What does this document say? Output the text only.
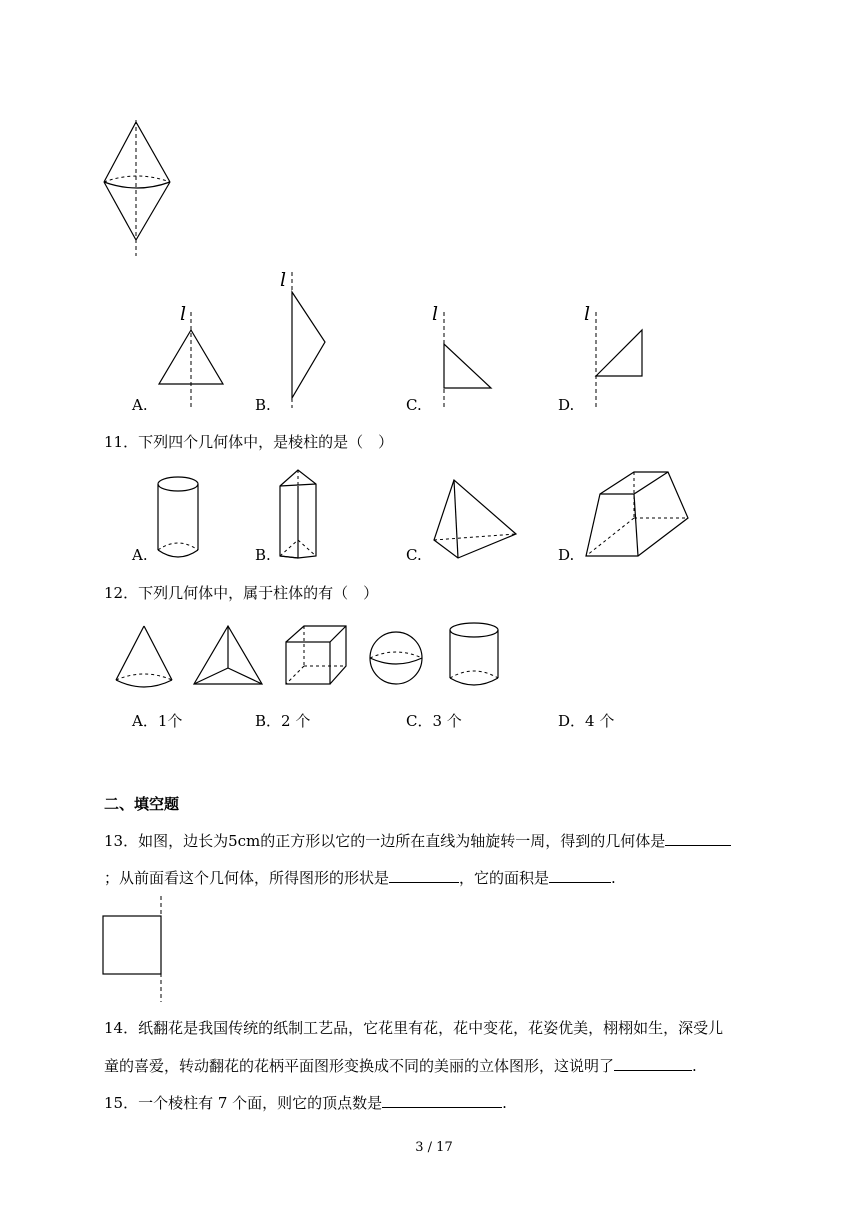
l
A.
l
B.
l
C.
l
D.
11．下列四个几何体中，是棱柱的是（　）
A.	B.	C.	D.
12．下列几何体中，属于柱体的有（　）
A．1个	B．2 个	C．3 个	D．4 个
二、填空题
13．如图，边长为5cm的正方形以它的一边所在直线为轴旋转一周，得到的几何体是
；从前面看这个几何体，所得图形的形状是	，它的面积是	.
14．纸翻花是我国传统的纸制工艺品，它花里有花，花中变花，花姿优美，栩栩如生，深受儿
童的喜爱，转动翻花的花柄平面图形变换成不同的美丽的立体图形，这说明了	.
15．一个棱柱有 7 个面，则它的顶点数是	.
3 / 17
